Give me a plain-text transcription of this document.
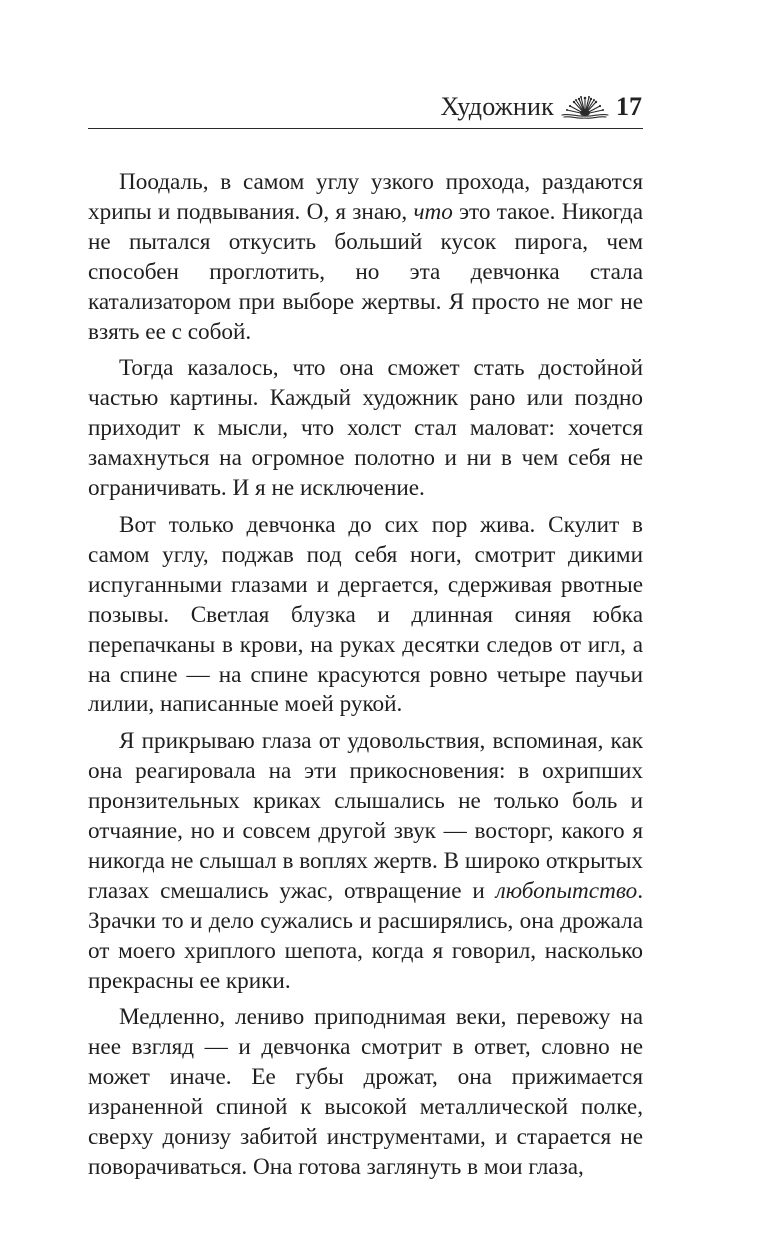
Художник 17

Поодаль, в самом углу узкого прохода, раздаются хрипы и подвывания. О, я знаю, что это такое. Никогда не пытался откусить больший кусок пирога, чем способен проглотить, но эта девчонка стала катализатором при выборе жертвы. Я просто не мог не взять ее с собой.

Тогда казалось, что она сможет стать достойной частью картины. Каждый художник рано или поздно приходит к мысли, что холст стал маловат: хочется замахнуться на огромное полотно и ни в чем себя не ограничивать. И я не исключение.

Вот только девчонка до сих пор жива. Скулит в самом углу, поджав под себя ноги, смотрит дикими испуганными глазами и дергается, сдерживая рвотные позывы. Светлая блузка и длинная синяя юбка перепачканы в крови, на руках десятки следов от игл, а на спине — на спине красуются ровно четыре паучьи лилии, написанные моей рукой.

Я прикрываю глаза от удовольствия, вспоминая, как она реагировала на эти прикосновения: в охрипших пронзительных криках слышались не только боль и отчаяние, но и совсем другой звук — восторг, какого я никогда не слышал в воплях жертв. В широко открытых глазах смешались ужас, отвращение и любопытство. Зрачки то и дело сужались и расширялись, она дрожала от моего хриплого шепота, когда я говорил, насколько прекрасны ее крики.

Медленно, лениво приподнимая веки, перевожу на нее взгляд — и девчонка смотрит в ответ, словно не может иначе. Ее губы дрожат, она прижимается израненной спиной к высокой металлической полке, сверху донизу забитой инструментами, и старается не поворачиваться. Она готова заглянуть в мои глаза,
